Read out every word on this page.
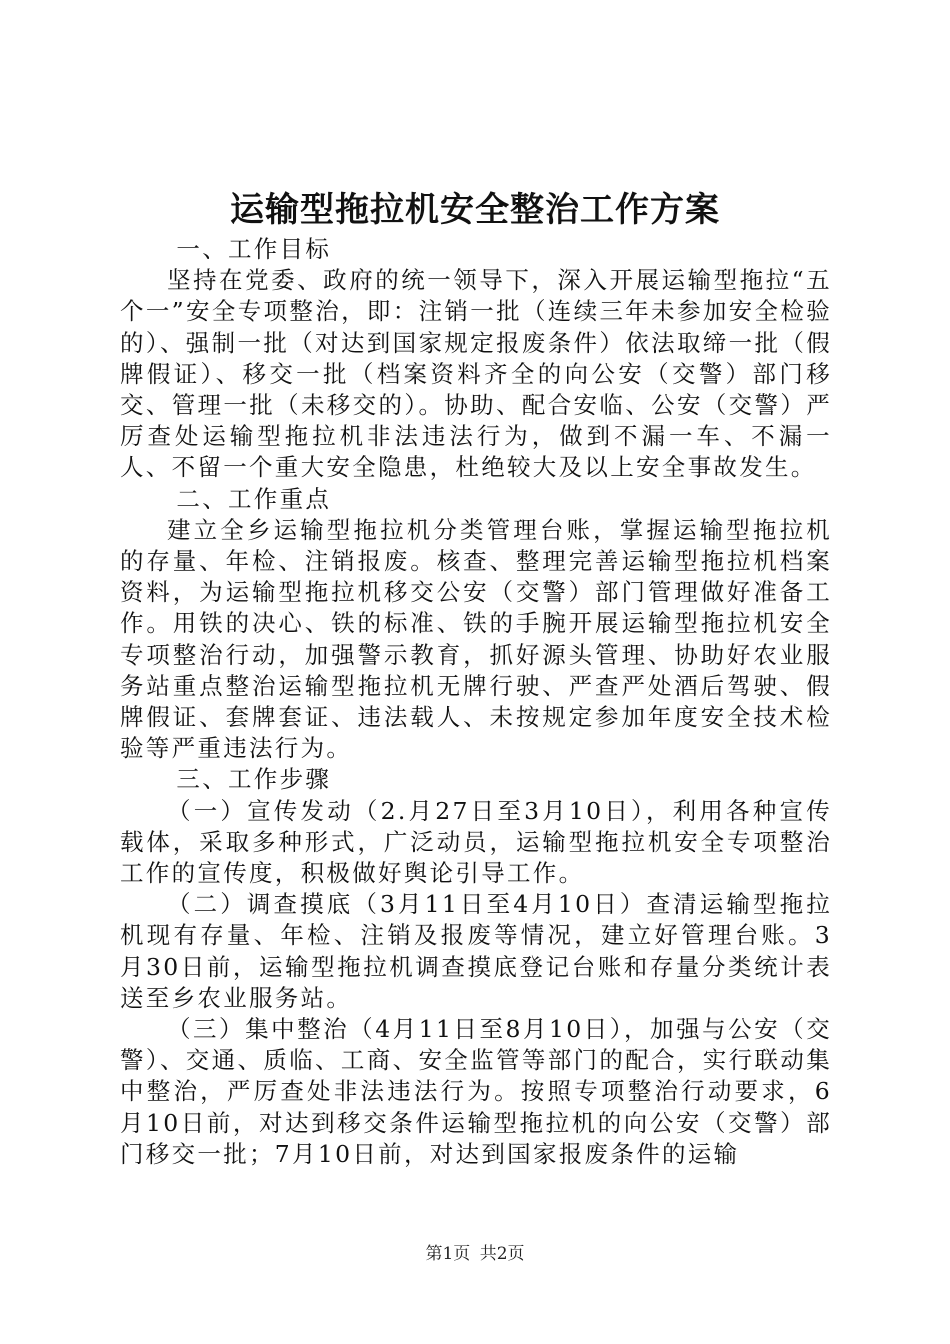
运输型拖拉机安全整治工作方案

一、工作目标

坚持在党委、政府的统一领导下，深入开展运输型拖拉“五个一”安全专项整治，即：注销一批（连续三年未参加安全检验的）、强制一批（对达到国家规定报废条件）依法取缔一批（假牌假证）、移交一批（档案资料齐全的向公安（交警）部门移交、管理一批（未移交的）。协助、配合安临、公安（交警）严厉查处运输型拖拉机非法违法行为，做到不漏一车、不漏一人、不留一个重大安全隐患，杜绝较大及以上安全事故发生。

二、工作重点

建立全乡运输型拖拉机分类管理台账，掌握运输型拖拉机的存量、年检、注销报废。核查、整理完善运输型拖拉机档案资料，为运输型拖拉机移交公安（交警）部门管理做好准备工作。用铁的决心、铁的标准、铁的手腕开展运输型拖拉机安全专项整治行动，加强警示教育，抓好源头管理、协助好农业服务站重点整治运输型拖拉机无牌行驶、严查严处酒后驾驶、假牌假证、套牌套证、违法载人、未按规定参加年度安全技术检验等严重违法行为。

三、工作步骤

（一）宣传发动（2.月27日至3月10日），利用各种宣传载体，采取多种形式，广泛动员，运输型拖拉机安全专项整治工作的宣传度，积极做好舆论引导工作。

（二）调查摸底（3月11日至4月10日）查清运输型拖拉机现有存量、年检、注销及报废等情况，建立好管理台账。3月30日前，运输型拖拉机调查摸底登记台账和存量分类统计表送至乡农业服务站。

（三）集中整治（4月11日至8月10日），加强与公安（交警）、交通、质临、工商、安全监管等部门的配合，实行联动集中整治，严厉查处非法违法行为。按照专项整治行动要求，6月10日前，对达到移交条件运输型拖拉机的向公安（交警）部门移交一批；7月10日前，对达到国家报废条件的运输

第1页 共2页
